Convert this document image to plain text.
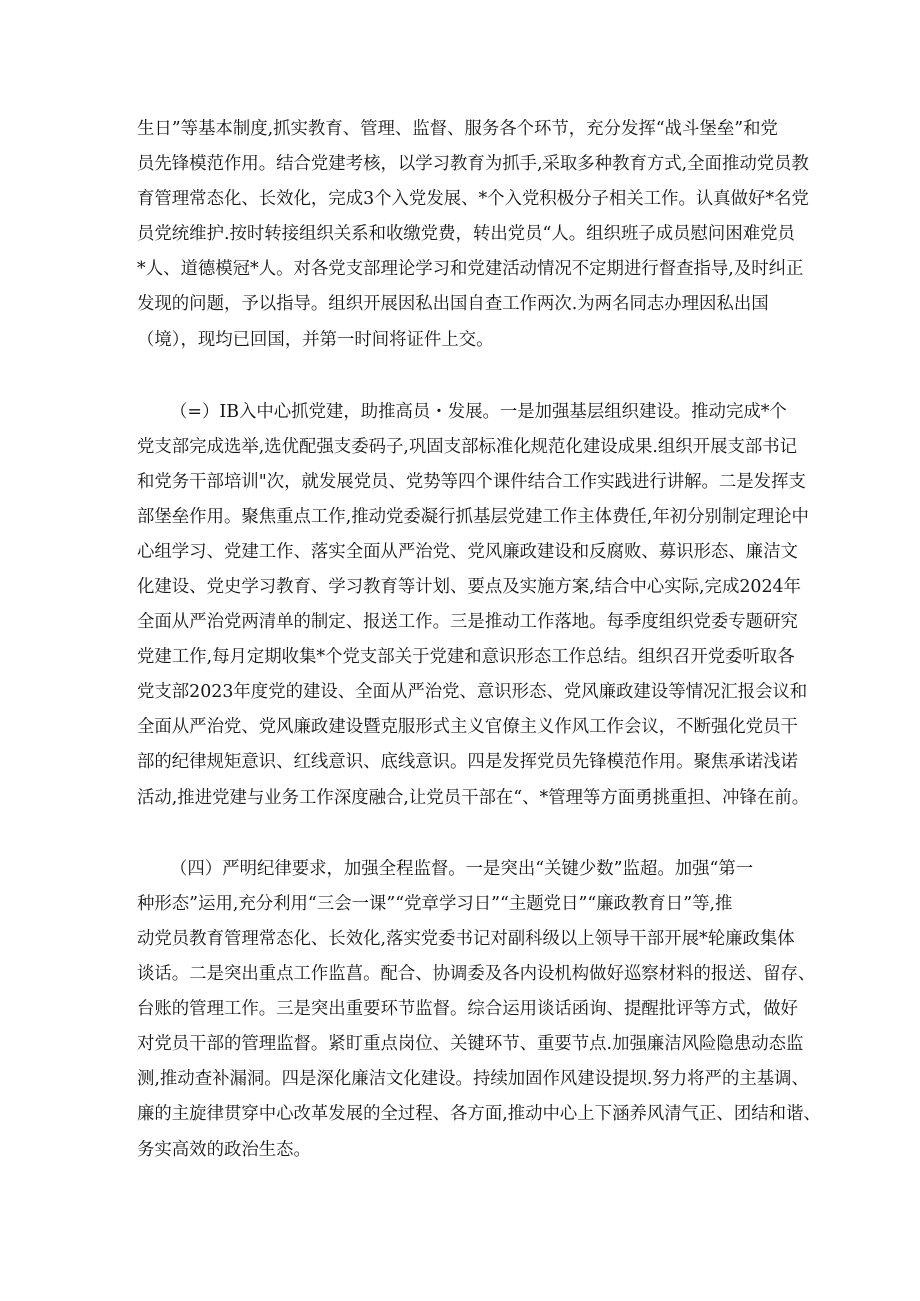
生日”等基本制度,抓实教育、管理、监督、服务各个环节，充分发挥“战斗堡垒”和党
员先锋模范作用。结合党建考核，以学习教育为抓手,采取多种教育方式,全面推动党员教
育管理常态化、长效化，完成3个入党发展、*个入党积极分子相关工作。认真做好*名党
员党统维护.按时转接组织关系和收缴党费，转出党员“人。组织班子成员慰问困难党员
*人、道德模冠*人。对各党支部理论学习和党建活动情况不定期进行督查指导,及时纠正
发现的问题，予以指导。组织开展因私出国自查工作两次.为两名同志办理因私出国
（境），现均已回国，并第一时间将证件上交。
（=）IB入中心抓党建，助推高员・发展。一是加强基层组织建设。推动完成*个
党支部完成选举,选优配强支委码子,巩固支部标准化规范化建设成果.组织开展支部书记
和党务干部培训"次，就发展党员、党势等四个课件结合工作实践进行讲解。二是发挥支
部堡垒作用。聚焦重点工作,推动党委凝行抓基层党建工作主体费任,年初分别制定理论中
心组学习、党建工作、落实全面从严治党、党风廉政建设和反腐败、募识形态、廉洁文
化建设、党史学习教育、学习教育等计划、要点及实施方案,结合中心实际,完成2024年
全面从严治党两清单的制定、报送工作。三是推动工作落地。每季度组织党委专题研究
党建工作,每月定期收集*个党支部关于党建和意识形态工作总结。组织召开党委听取各
党支部2023年度党的建设、全面从严治党、意识形态、党风廉政建设等情况汇报会议和
全面从严治党、党风廉政建设暨克服形式主义官僚主义作风工作会议，不断强化党员干
部的纪律规矩意识、红线意识、底线意识。四是发挥党员先锋模范作用。聚焦承诺浅诺
活动,推进党建与业务工作深度融合,让党员干部在“、*管理等方面勇挑重担、冲锋在前。
（四）严明纪律要求，加强全程监督。一是突出“关键少数”监超。加强“第一
种形态”运用,充分利用“三会一课”“党章学习日”“主题党日”“廉政教育日”等,推
动党员教育管理常态化、长效化,落实党委书记对副科级以上领导干部开展*轮廉政集体
谈话。二是突出重点工作监菖。配合、协调委及各内设机构做好巡察材料的报送、留存、
台账的管理工作。三是突出重要环节监督。综合运用谈话函询、提醒批评等方式，做好
对党员干部的管理监督。紧盯重点岗位、关键环节、重要节点.加强廉洁风险隐患动态监
测,推动查补漏洞。四是深化廉洁文化建设。持续加固作风建设提坝.努力将严的主基调、
廉的主旋律贯穿中心改革发展的全过程、各方面,推动中心上下涵养风清气正、团结和谐、
务实高效的政治生态。
